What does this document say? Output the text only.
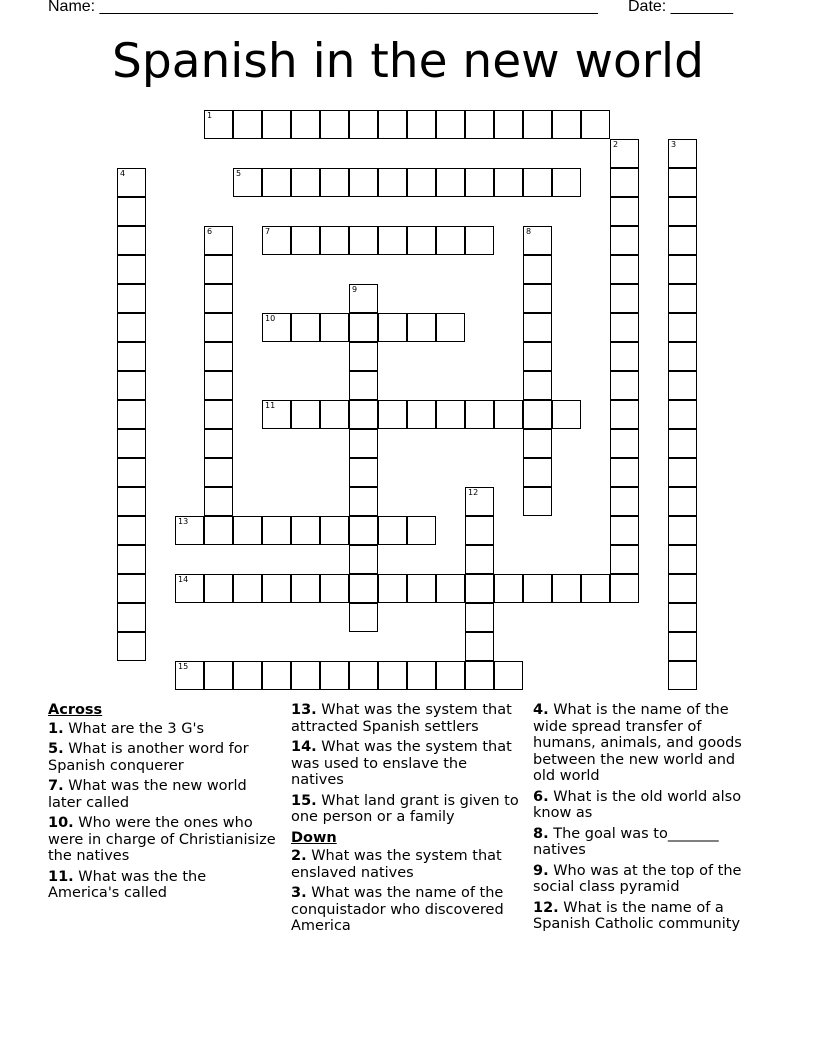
Name: ________________________________________________________ Date: _______
Spanish in the new world
1
5
7
10
11
13
14
15
2	3
4
6	8
9
12
Across
1. What are the 3 G's
5. What is another word for Spanish conquerer
7. What was the new world later called
10. Who were the ones who were in charge of Christianisize the natives
11. What was the the America's called
13. What was the system that attracted Spanish settlers
14. What was the system that was used to enslave the natives
15. What land grant is given to one person or a family
Down
2. What was the system that enslaved natives
3. What was the name of the conquistador who discovered America
4. What is the name of the wide spread transfer of humans, animals, and goods between the new world and old world
6. What is the old world also know as
8. The goal was to_______ natives
9. Who was at the top of the social class pyramid
12. What is the name of a Spanish Catholic community
